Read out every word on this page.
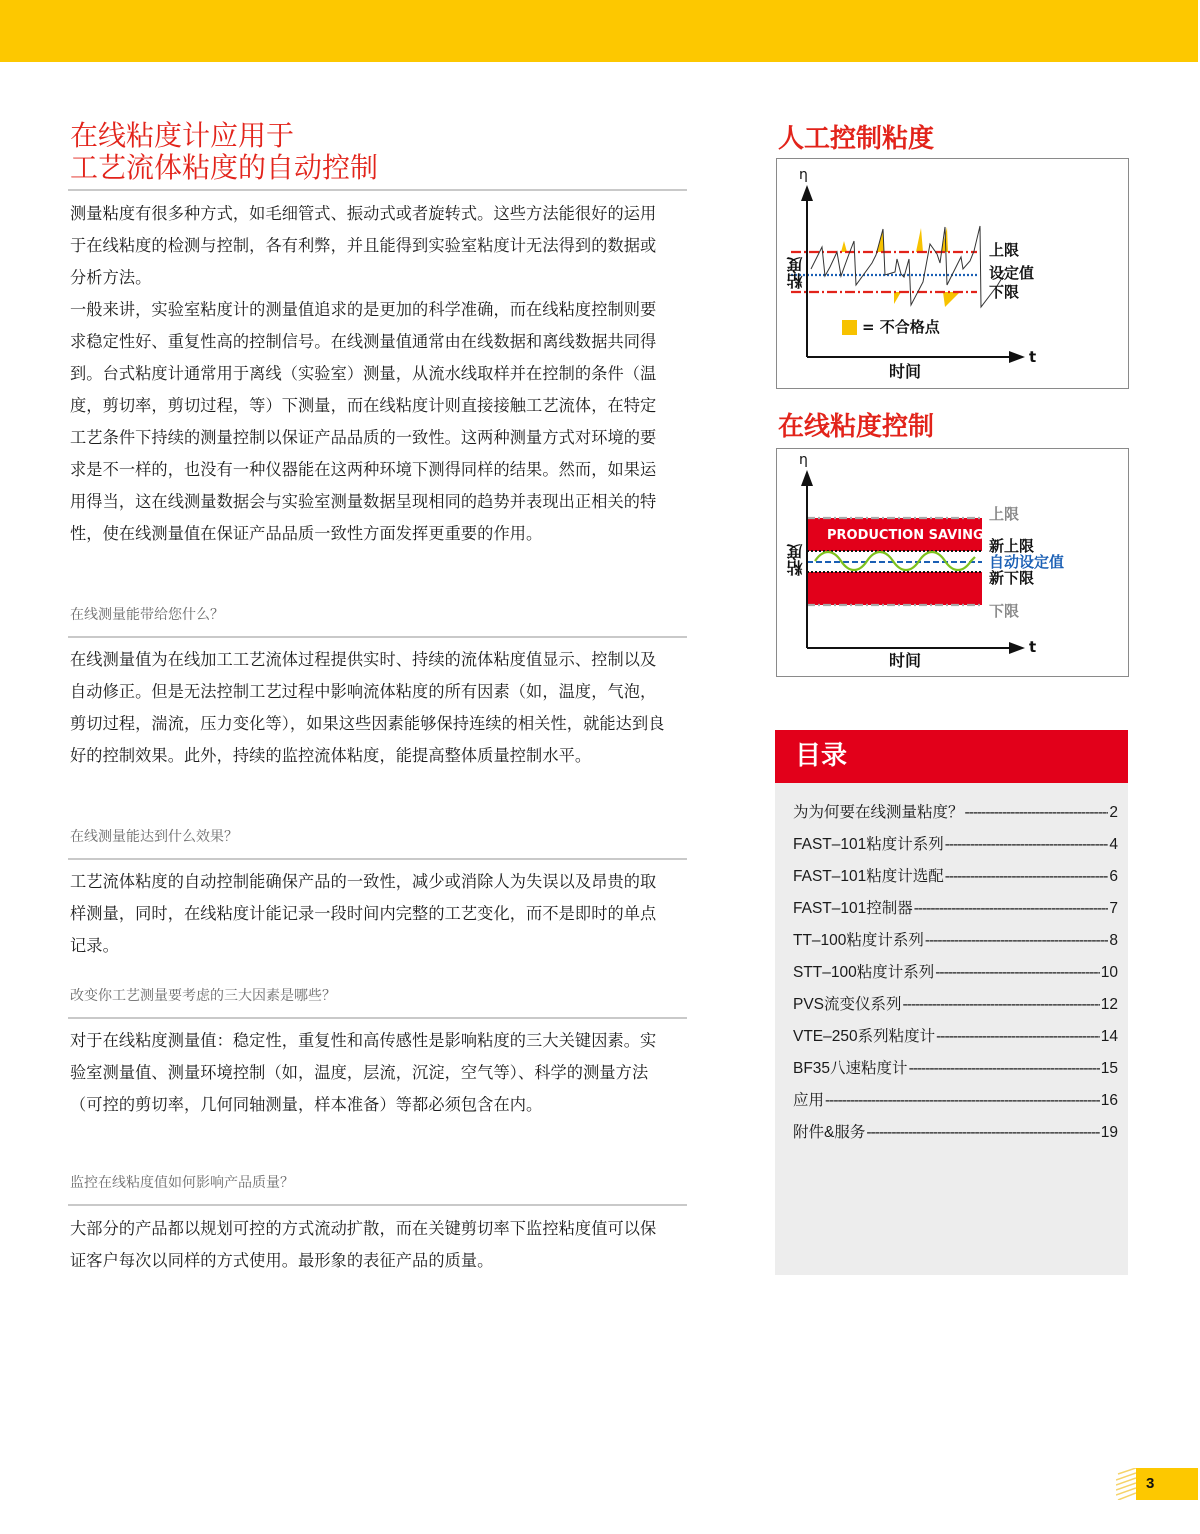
在线粘度计应用于
工艺流体粘度的自动控制
测量粘度有很多种方式，如毛细管式、振动式或者旋转式。这些方法能很好的运用于在线粘度的检测与控制，各有利弊，并且能得到实验室粘度计无法得到的数据或分析方法。
一般来讲，实验室粘度计的测量值追求的是更加的科学准确，而在线粘度控制则要求稳定性好、重复性高的控制信号。在线测量值通常由在线数据和离线数据共同得到。台式粘度计通常用于离线（实验室）测量，从流水线取样并在控制的条件（温度，剪切率，剪切过程，等）下测量，而在线粘度计则直接接触工艺流体，在特定工艺条件下持续的测量控制以保证产品品质的一致性。这两种测量方式对环境的要求是不一样的，也没有一种仪器能在这两种环境下测得同样的结果。然而，如果运用得当，这在线测量数据会与实验室测量数据呈现相同的趋势并表现出正相关的特性，使在线测量值在保证产品品质一致性方面发挥更重要的作用。
在线测量能带给您什么？
在线测量值为在线加工工艺流体过程提供实时、持续的流体粘度值显示、控制以及自动修正。但是无法控制工艺过程中影响流体粘度的所有因素（如，温度，气泡，剪切过程，湍流，压力变化等），如果这些因素能够保持连续的相关性，就能达到良好的控制效果。此外，持续的监控流体粘度，能提高整体质量控制水平。
在线测量能达到什么效果？
工艺流体粘度的自动控制能确保产品的一致性，减少或消除人为失误以及昂贵的取样测量，同时，在线粘度计能记录一段时间内完整的工艺变化，而不是即时的单点记录。
改变你工艺测量要考虑的三大因素是哪些？
对于在线粘度测量值：稳定性，重复性和高传感性是影响粘度的三大关键因素。实验室测量值、测量环境控制（如，温度，层流，沉淀，空气等）、科学的测量方法（可控的剪切率，几何同轴测量，样本准备）等都必须包含在内。
监控在线粘度值如何影响产品质量？
大部分的产品都以规划可控的方式流动扩散，而在关键剪切率下监控粘度值可以保证客户每次以同样的方式使用。最形象的表征产品的质量。
人工控制粘度
η
t
粘度
时间
上限
设定值
下限
= 不合格点
在线粘度控制
η
t
粘度
时间
PRODUCTION SAVINGS
上限
新上限
自动设定值
新下限
下限
目录
为为何要在线测量粘度？ -----	2
FAST–101粘度计系列 -----	4
FAST–101粘度计选配 -----	6
FAST–101控制器 -----	7
TT–100粘度计系列 -----	8
STT–100粘度计系列 -----	10
PVS流变仪系列 -----	12
VTE–250系列粘度计 -----	14
BF35八速粘度计 -----	15
应用 -----	16
附件&服务 -----	19
3
